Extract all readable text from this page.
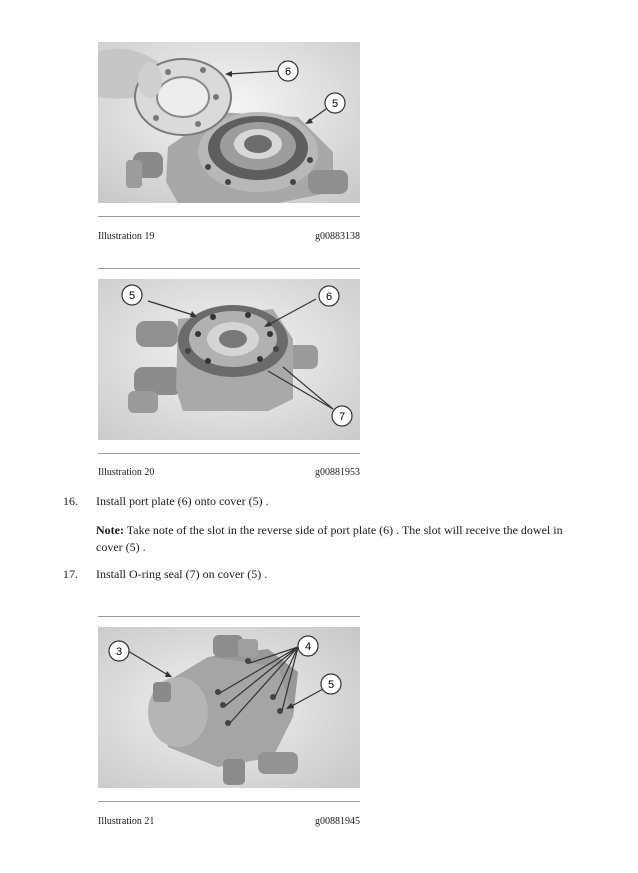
6
5
Illustration 19	g00883138
5	6
7
Illustration 20	g00881953
16. Install port plate (6) onto cover (5) .
Note: Take note of the slot in the reverse side of port plate (6) . The slot will receive the dowel in cover (5) .
17. Install O-ring seal (7) on cover (5) .
3	4
5
Illustration 21	g00881945
